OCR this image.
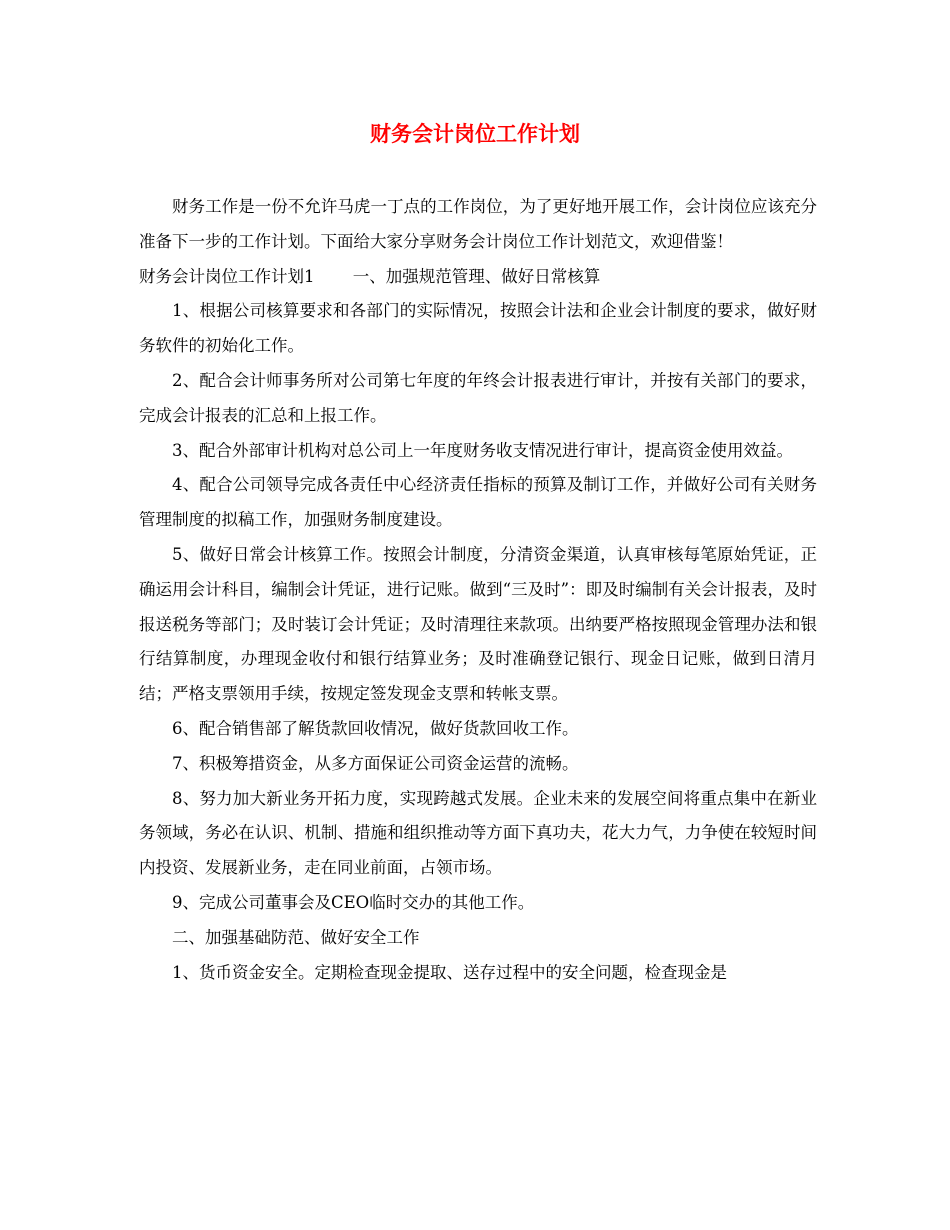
财务会计岗位工作计划

财务工作是一份不允许马虎一丁点的工作岗位，为了更好地开展工作，会计岗位应该充分准备下一步的工作计划。下面给大家分享财务会计岗位工作计划范文，欢迎借鉴！

财务会计岗位工作计划1 　　一、加强规范管理、做好日常核算

1、根据公司核算要求和各部门的实际情况，按照会计法和企业会计制度的要求，做好财务软件的初始化工作。

2、配合会计师事务所对公司第七年度的年终会计报表进行审计，并按有关部门的要求，完成会计报表的汇总和上报工作。

3、配合外部审计机构对总公司上一年度财务收支情况进行审计，提高资金使用效益。

4、配合公司领导完成各责任中心经济责任指标的预算及制订工作，并做好公司有关财务管理制度的拟稿工作，加强财务制度建设。

5、做好日常会计核算工作。按照会计制度，分清资金渠道，认真审核每笔原始凭证，正确运用会计科目，编制会计凭证，进行记账。做到“三及时”：即及时编制有关会计报表，及时报送税务等部门；及时装订会计凭证；及时清理往来款项。出纳要严格按照现金管理办法和银行结算制度，办理现金收付和银行结算业务；及时准确登记银行、现金日记账，做到日清月结；严格支票领用手续，按规定签发现金支票和转帐支票。

6、配合销售部了解货款回收情况，做好货款回收工作。

7、积极筹措资金，从多方面保证公司资金运营的流畅。

8、努力加大新业务开拓力度，实现跨越式发展。企业未来的发展空间将重点集中在新业务领域，务必在认识、机制、措施和组织推动等方面下真功夫，花大力气，力争使在较短时间内投资、发展新业务，走在同业前面，占领市场。

9、完成公司董事会及CEO临时交办的其他工作。

二、加强基础防范、做好安全工作

1、货币资金安全。定期检查现金提取、送存过程中的安全问题，检查现金是
